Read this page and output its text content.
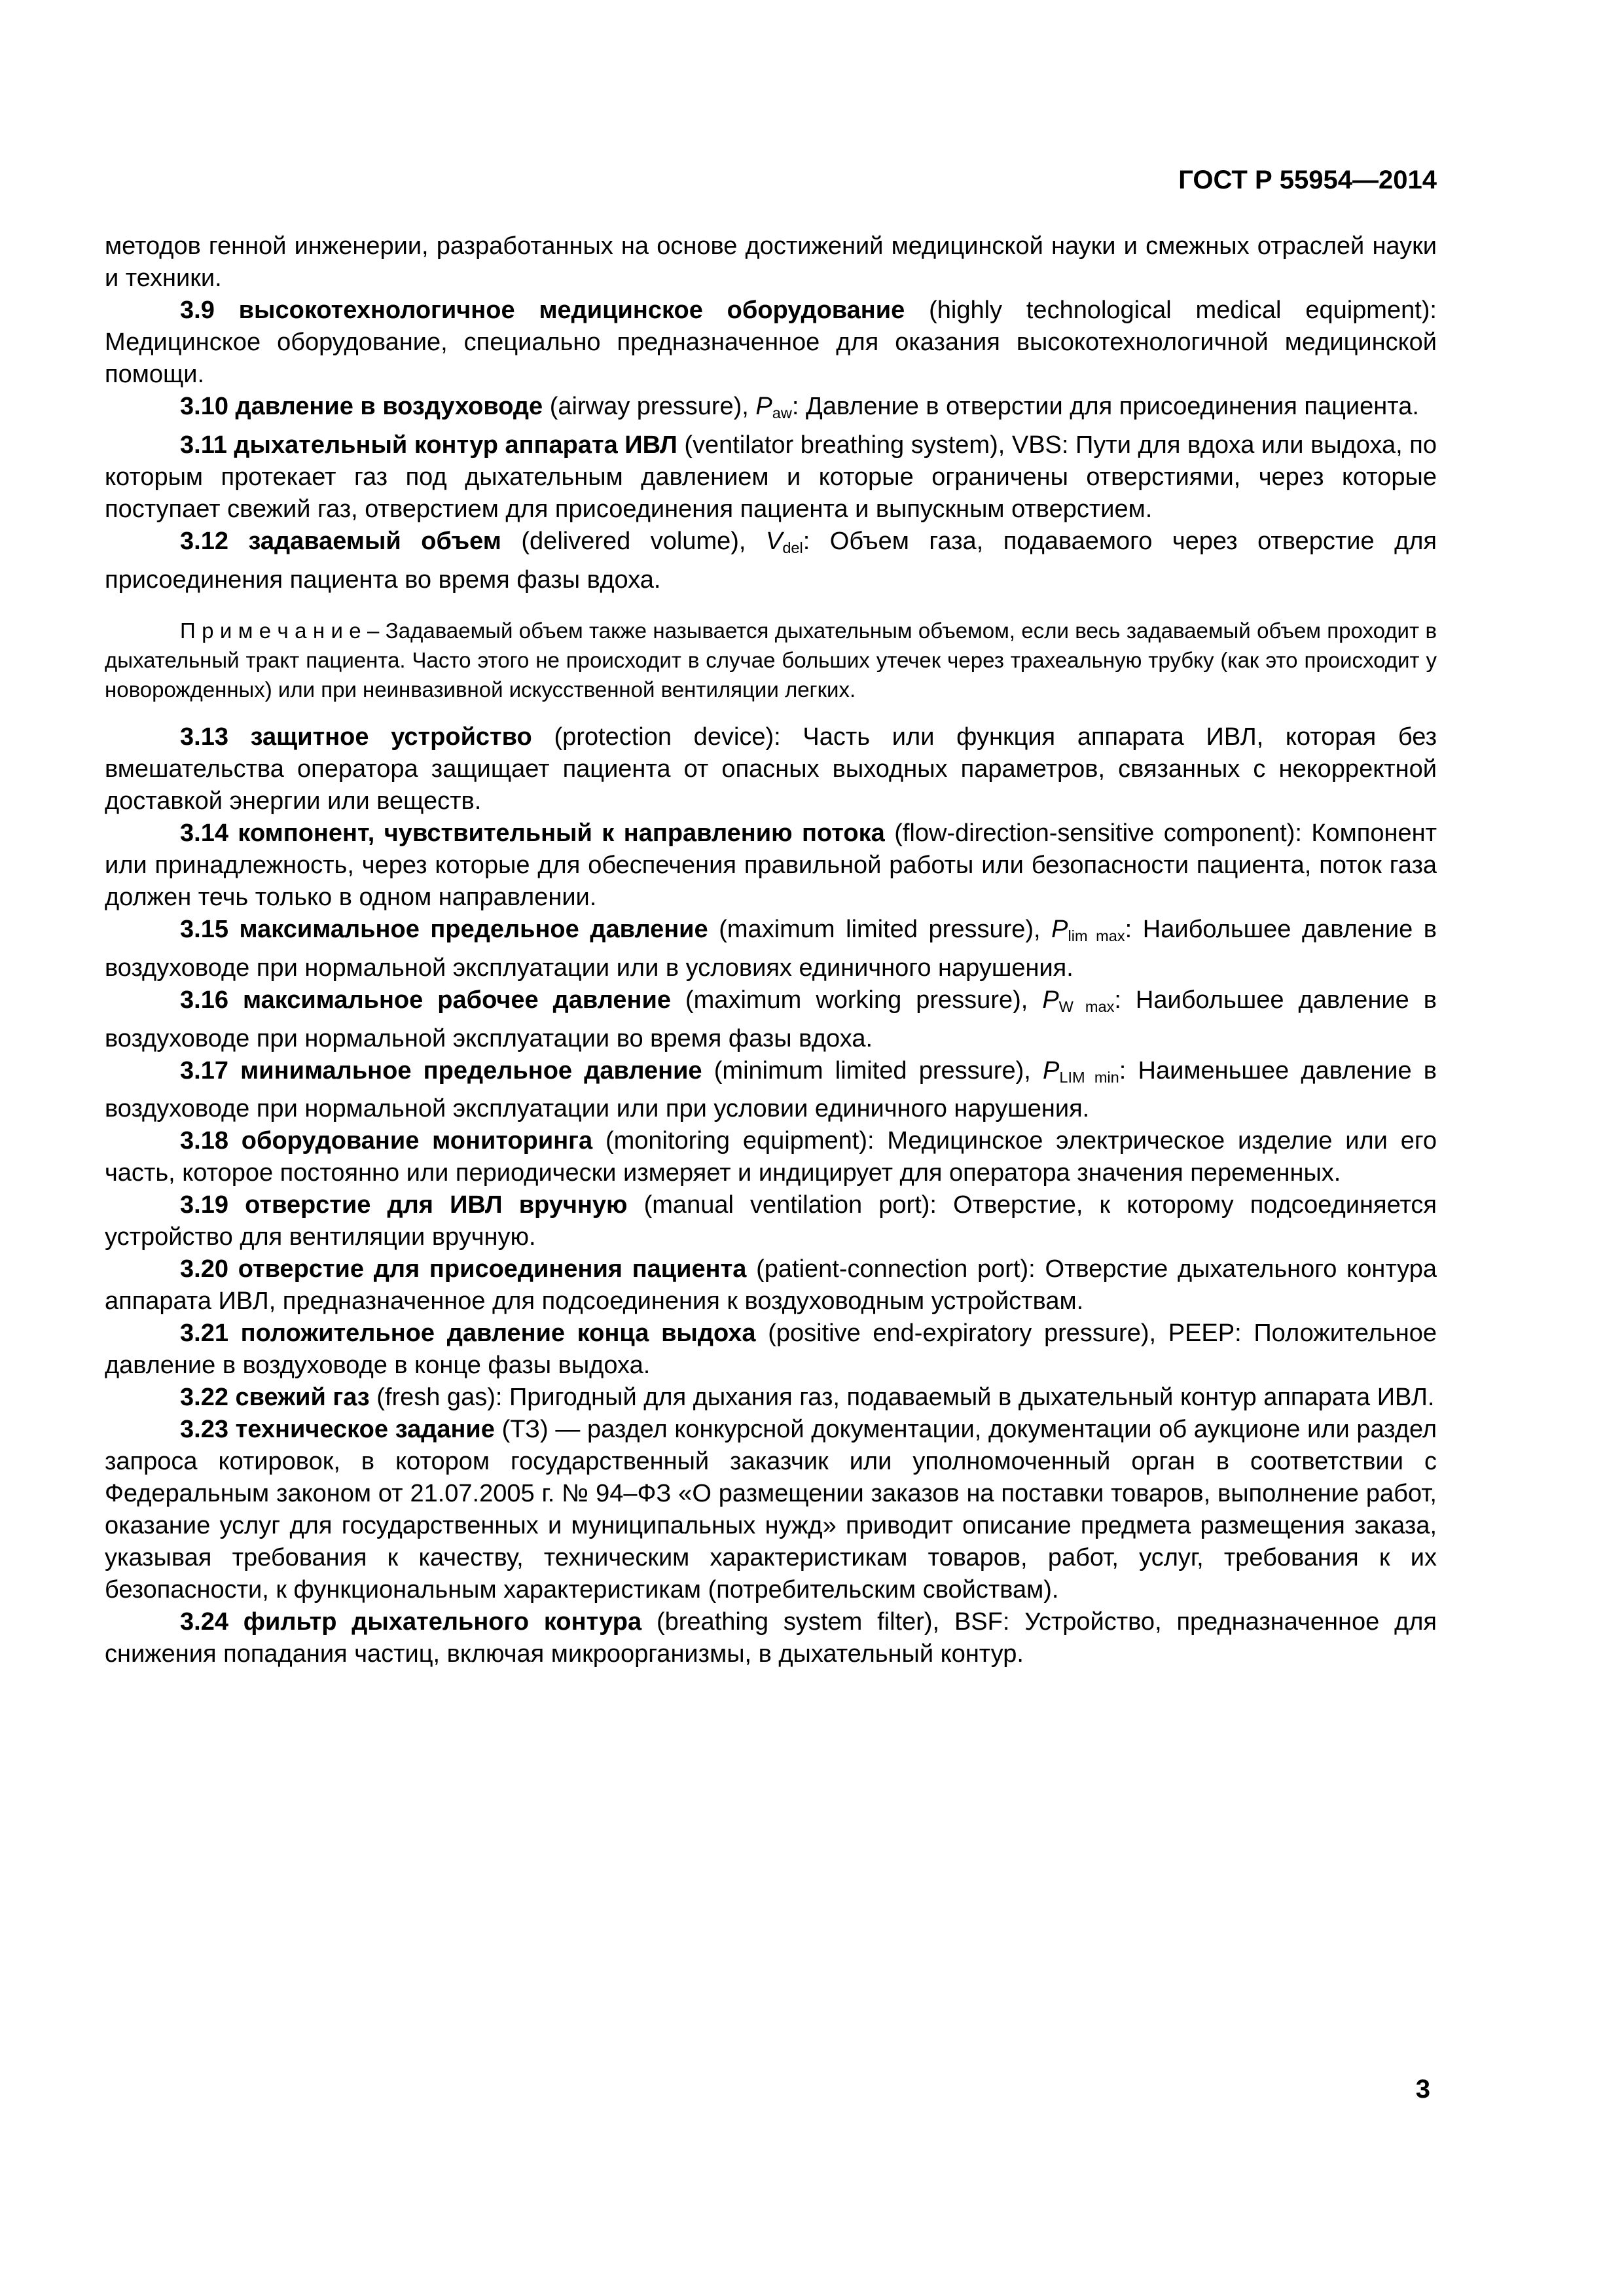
ГОСТ Р 55954—2014

методов генной инженерии, разработанных на основе достижений медицинской науки и смежных отраслей науки и техники.

3.9 высокотехнологичное медицинское оборудование (highly technological medical equipment): Медицинское оборудование, специально предназначенное для оказания высокотехнологичной медицинской помощи.

3.10 давление в воздуховоде (airway pressure), $P_{aw}$: Давление в отверстии для присоединения пациента.

3.11 дыхательный контур аппарата ИВЛ (ventilator breathing system), VBS: Пути для вдоха или выдоха, по которым протекает газ под дыхательным давлением и которые ограничены отверстиями, через которые поступает свежий газ, отверстием для присоединения пациента и выпускным отверстием.

3.12 задаваемый объем (delivered volume), $V_{del}$: Объем газа, подаваемого через отверстие для присоединения пациента во время фазы вдоха.

П р и м е ч а н и е – Задаваемый объем также называется дыхательным объемом, если весь задаваемый объем проходит в дыхательный тракт пациента. Часто этого не происходит в случае больших утечек через трахеальную трубку (как это происходит у новорожденных) или при неинвазивной искусственной вентиляции легких.

3.13 защитное устройство (protection device): Часть или функция аппарата ИВЛ, которая без вмешательства оператора защищает пациента от опасных выходных параметров, связанных с некорректной доставкой энергии или веществ.

3.14 компонент, чувствительный к направлению потока (flow-direction-sensitive component): Компонент или принадлежность, через которые для обеспечения правильной работы или безопасности пациента, поток газа должен течь только в одном направлении.

3.15 максимальное предельное давление (maximum limited pressure), $P_{lim max}$: Наибольшее давление в воздуховоде при нормальной эксплуатации или в условиях единичного нарушения.

3.16 максимальное рабочее давление (maximum working pressure), $P_{W max}$: Наибольшее давление в воздуховоде при нормальной эксплуатации во время фазы вдоха.

3.17 минимальное предельное давление (minimum limited pressure), $P_{LIM min}$: Наименьшее давление в воздуховоде при нормальной эксплуатации или при условии единичного нарушения.

3.18 оборудование мониторинга (monitoring equipment): Медицинское электрическое изделие или его часть, которое постоянно или периодически измеряет и индицирует для оператора значения переменных.

3.19 отверстие для ИВЛ вручную (manual ventilation port): Отверстие, к которому подсоединяется устройство для вентиляции вручную.

3.20 отверстие для присоединения пациента (patient-connection port): Отверстие дыхательного контура аппарата ИВЛ, предназначенное для подсоединения к воздуховодным устройствам.

3.21 положительное давление конца выдоха (positive end-expiratory pressure), PEEP: Положительное давление в воздуховоде в конце фазы выдоха.

3.22 свежий газ (fresh gas): Пригодный для дыхания газ, подаваемый в дыхательный контур аппарата ИВЛ.

3.23 техническое задание (ТЗ) — раздел конкурсной документации, документации об аукционе или раздел запроса котировок, в котором государственный заказчик или уполномоченный орган в соответствии с Федеральным законом от 21.07.2005 г. № 94–ФЗ «О размещении заказов на поставки товаров, выполнение работ, оказание услуг для государственных и муниципальных нужд» приводит описание предмета размещения заказа, указывая требования к качеству, техническим характеристикам товаров, работ, услуг, требования к их безопасности, к функциональным характеристикам (потребительским свойствам).

3.24 фильтр дыхательного контура (breathing system filter), BSF: Устройство, предназначенное для снижения попадания частиц, включая микроорганизмы, в дыхательный контур.

3
